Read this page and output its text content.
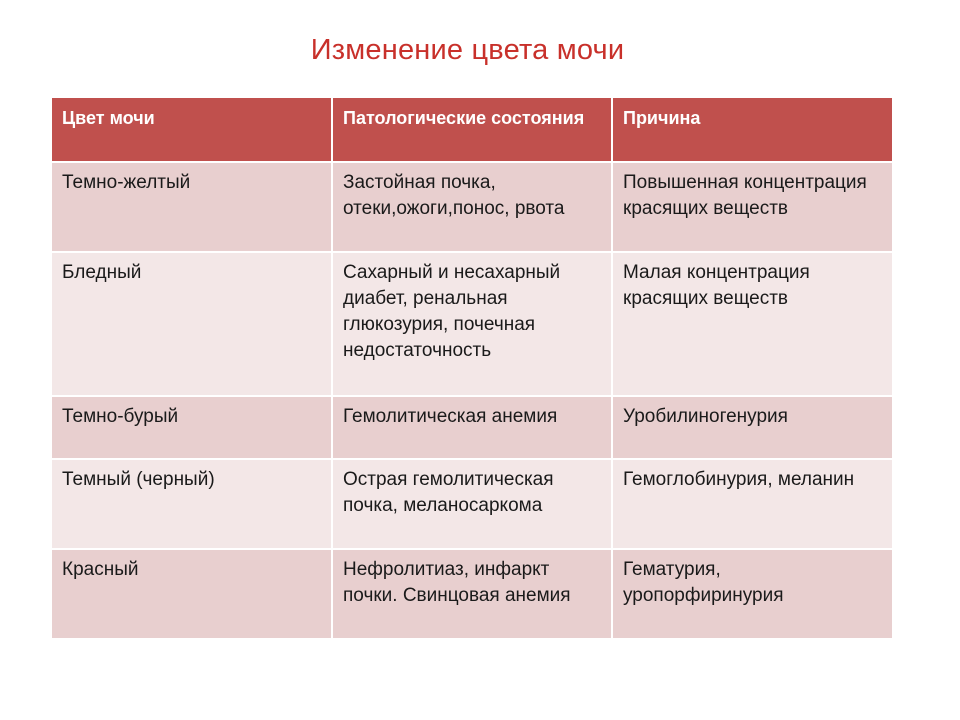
Изменение цвета мочи
Цвет мочи	Патологические состояния	Причина
Темно-желтый	Застойная почка, отеки,ожоги,понос, рвота	Повышенная концентрация красящих веществ
Бледный	Сахарный и несахарный диабет, ренальная глюкозурия, почечная недостаточность	Малая концентрация красящих веществ
Темно-бурый	Гемолитическая анемия	Уробилиногенурия
Темный (черный)	Острая гемолитическая почка, меланосаркома	Гемоглобинурия, меланин
Красный	Нефролитиаз, инфаркт почки. Свинцовая анемия	Гематурия, уропорфиринурия
